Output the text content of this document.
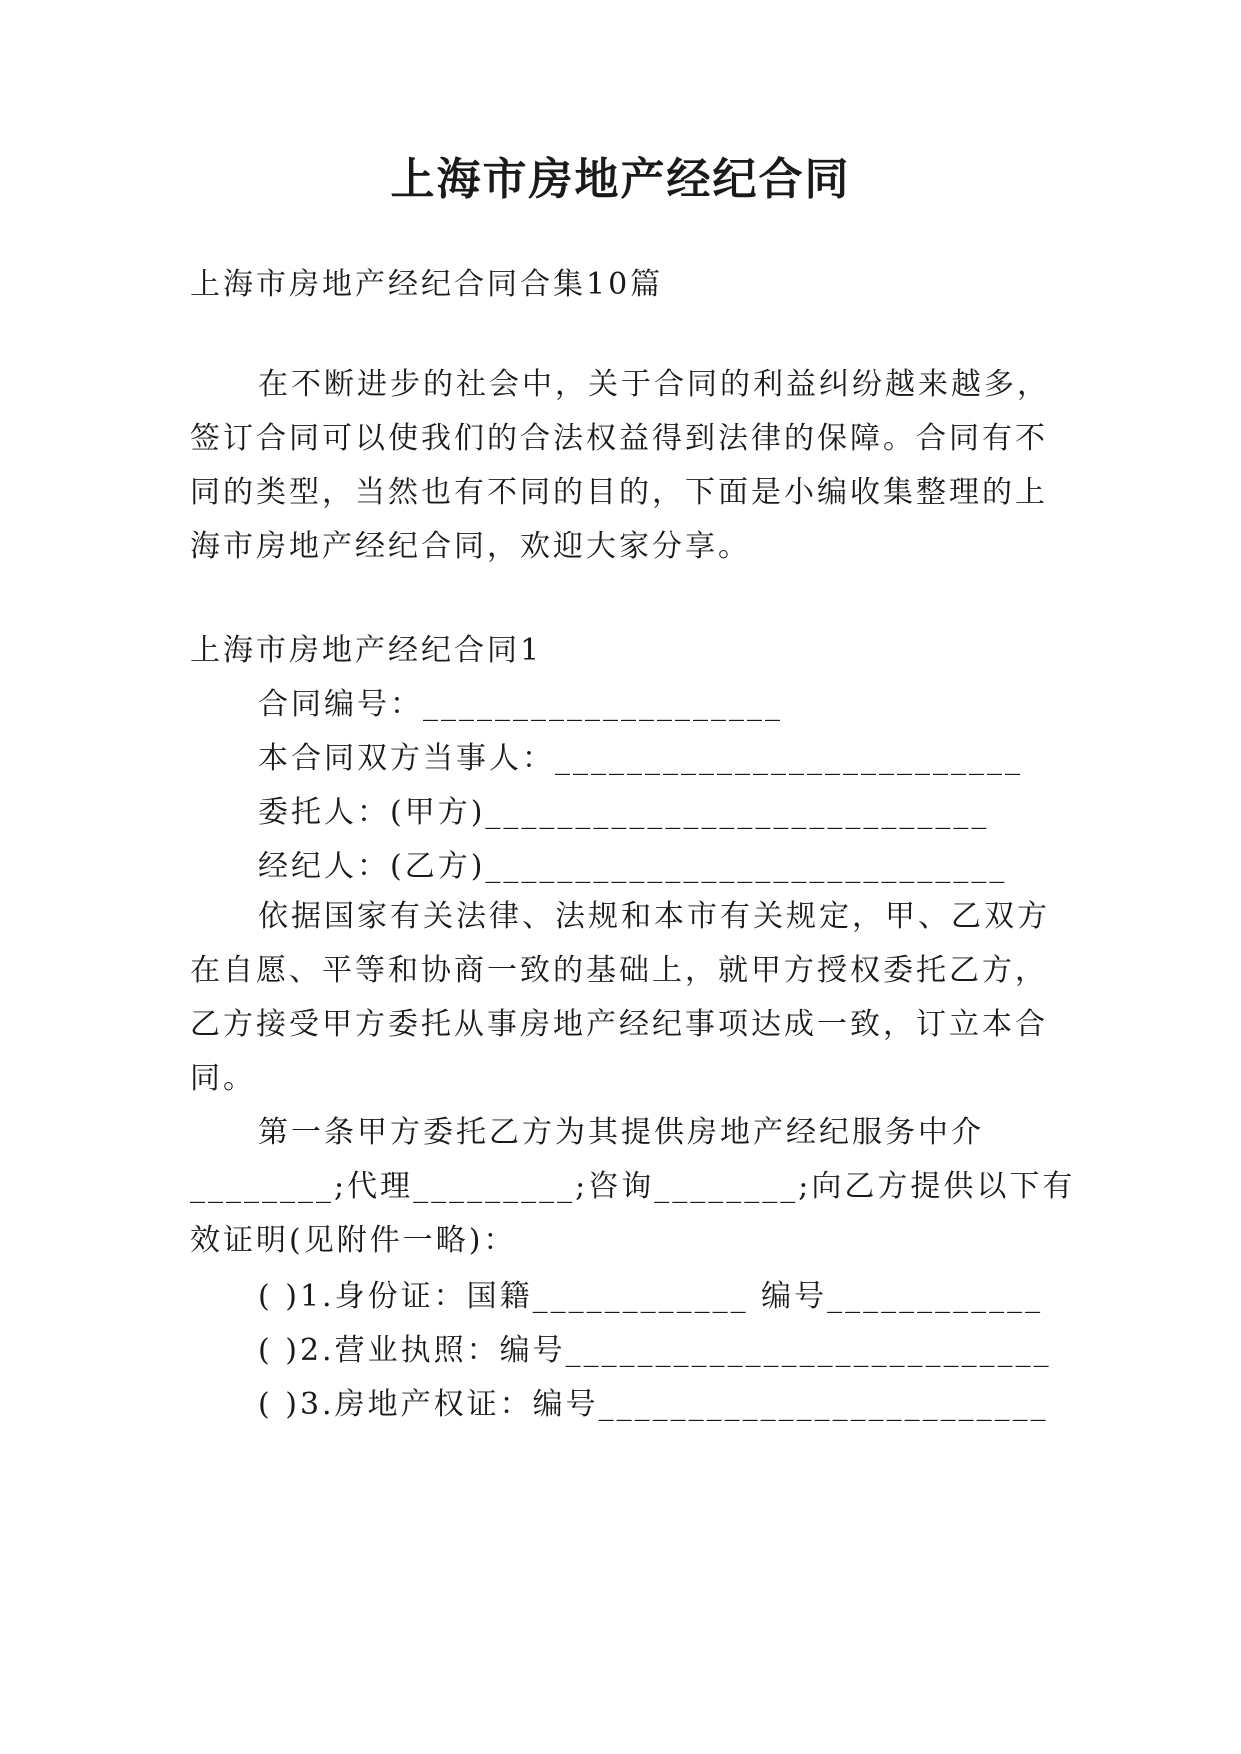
上海市房地产经纪合同
上海市房地产经纪合同合集10篇
在不断进步的社会中，关于合同的利益纠纷越来越多，
签订合同可以使我们的合法权益得到法律的保障。合同有不
同的类型，当然也有不同的目的，下面是小编收集整理的上
海市房地产经纪合同，欢迎大家分享。
上海市房地产经纪合同1
合同编号：____________________
本合同双方当事人：__________________________
委托人：(甲方)____________________________
经纪人：(乙方)_____________________________
依据国家有关法律、法规和本市有关规定，甲、乙双方
在自愿、平等和协商一致的基础上，就甲方授权委托乙方，
乙方接受甲方委托从事房地产经纪事项达成一致，订立本合
同。
第一条甲方委托乙方为其提供房地产经纪服务中介
________;代理_________;咨询________;向乙方提供以下有
效证明(见附件一略)：
( )1.身份证：国籍____________ 编号____________
( )2.营业执照：编号___________________________
( )3.房地产权证：编号_________________________
